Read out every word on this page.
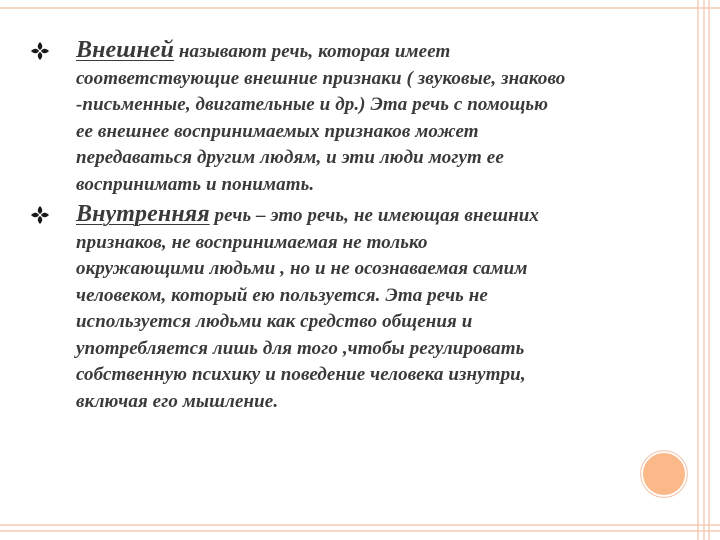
Внешней называют речь, которая имеет
соответствующие внешние признаки ( звуковые, знаково
-письменные, двигательные и др.) Эта речь с помощью
ее внешнее воспринимаемых признаков может
передаваться другим людям, и эти люди могут ее
воспринимать и понимать.

Внутренняя речь – это речь, не имеющая внешних
признаков, не воспринимаемая не только
окружающими людьми , но и не осознаваемая самим
человеком, который ею пользуется. Эта речь не
используется людьми как средство общения и
употребляется лишь для того ,чтобы регулировать
собственную психику и поведение человека изнутри,
включая его мышление.
